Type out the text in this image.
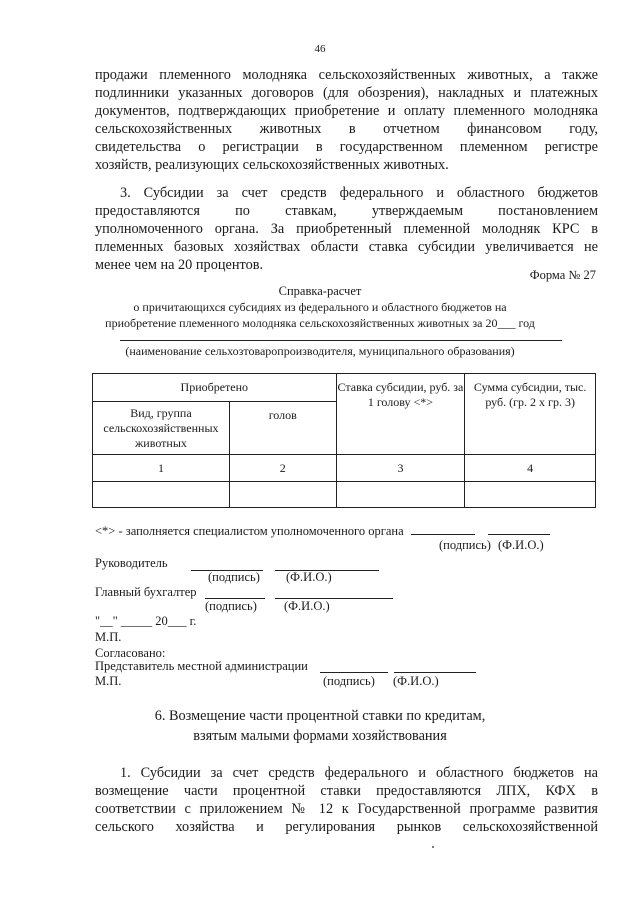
46

продажи племенного молодняка сельскохозяйственных животных, а также
подлинники указанных договоров (для обозрения), накладных и платежных
документов, подтверждающих приобретение и оплату племенного молодняка
сельскохозяйственных животных в отчетном финансовом году,
свидетельства о регистрации в государственном племенном регистре
хозяйств, реализующих сельскохозяйственных животных.

3. Субсидии за счет средств федерального и областного бюджетов
предоставляются по ставкам, утверждаемым постановлением
уполномоченного органа. За приобретенный племенной молодняк КРС в
племенных базовых хозяйствах области ставка субсидии увеличивается не
менее чем на 20 процентов.

Форма № 27
Справка-расчет
о причитающихся субсидиях из федерального и областного бюджетов на
приобретение племенного молодняка сельскохозяйственных животных за 20___ год
(наименование сельхозтоваропроизводителя, муниципального образования)
Приобретено		Ставка субсидии, руб. за 1 голову <*>	Сумма субсидии, тыс. руб. (гр. 2 x гр. 3)
Вид, группа сельскохозяйственных животных	голов		
1	2	3	4

<*> - заполняется специалистом уполномоченного органа
(подпись) (Ф.И.О.)
Руководитель
(подпись) (Ф.И.О.)
Главный бухгалтер
(подпись) (Ф.И.О.)
"__" _____ 20___ г.
М.П.
Согласовано:
Представитель местной администрации
М.П.	(подпись) (Ф.И.О.)
6. Возмещение части процентной ставки по кредитам,
взятым малыми формами хозяйствования

1. Субсидии за счет средств федерального и областного бюджетов на
возмещение части процентной ставки предоставляются ЛПХ, КФХ в
соответствии с приложением № 12 к Государственной программе развития
сельского хозяйства и регулирования рынков сельскохозяйственной
